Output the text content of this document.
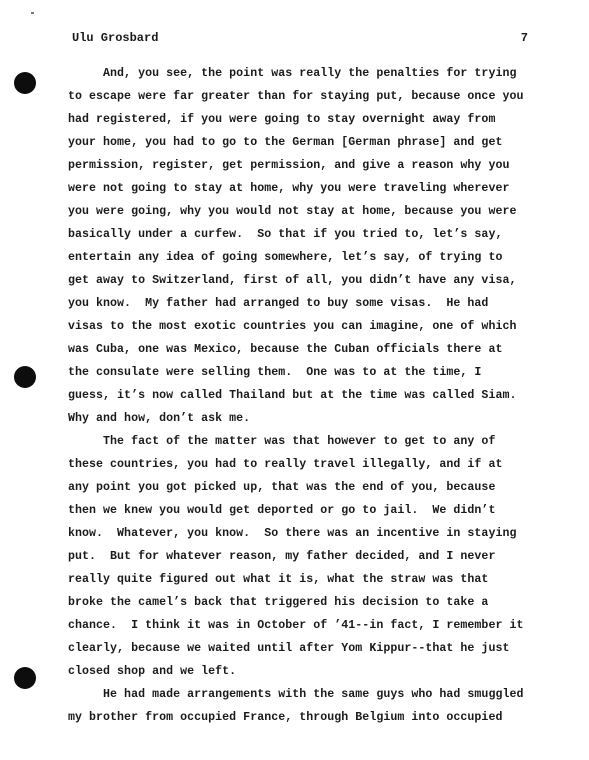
Ulu Grosbard	7
And, you see, the point was really the penalties for trying
to escape were far greater than for staying put, because once you
had registered, if you were going to stay overnight away from
your home, you had to go to the German [German phrase] and get
permission, register, get permission, and give a reason why you
were not going to stay at home, why you were traveling wherever
you were going, why you would not stay at home, because you were
basically under a curfew.  So that if you tried to, let’s say,
entertain any idea of going somewhere, let’s say, of trying to
get away to Switzerland, first of all, you didn’t have any visa,
you know.  My father had arranged to buy some visas.  He had
visas to the most exotic countries you can imagine, one of which
was Cuba, one was Mexico, because the Cuban officials there at
the consulate were selling them.  One was to at the time, I
guess, it’s now called Thailand but at the time was called Siam.
Why and how, don’t ask me.
The fact of the matter was that however to get to any of
these countries, you had to really travel illegally, and if at
any point you got picked up, that was the end of you, because
then we knew you would get deported or go to jail.  We didn’t
know.  Whatever, you know.  So there was an incentive in staying
put.  But for whatever reason, my father decided, and I never
really quite figured out what it is, what the straw was that
broke the camel’s back that triggered his decision to take a
chance.  I think it was in October of ’41--in fact, I remember it
clearly, because we waited until after Yom Kippur--that he just
closed shop and we left.
He had made arrangements with the same guys who had smuggled
my brother from occupied France, through Belgium into occupied
